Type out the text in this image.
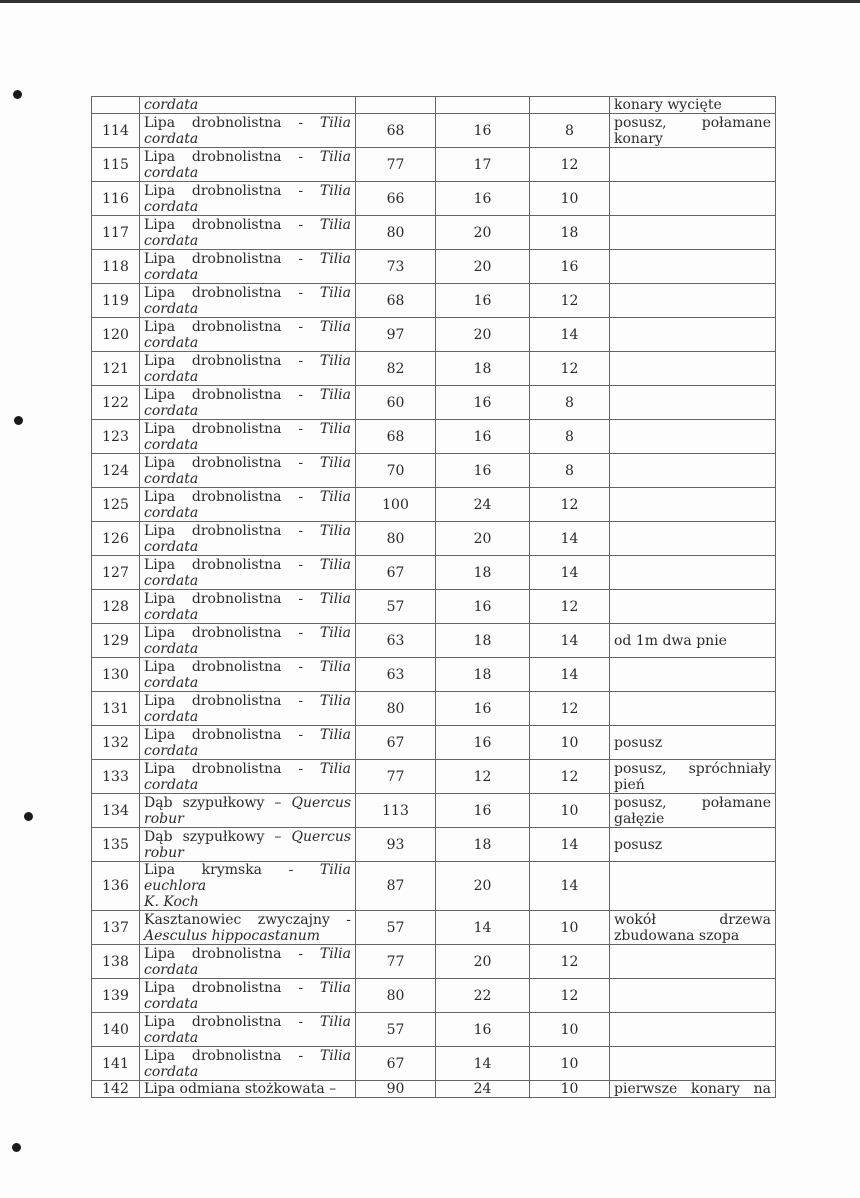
	cordata				konary wycięte
114	Lipa drobnolistna - Tilia
cordata	68	16	8	posusz, połamane
konary

115	Lipa drobnolistna - Tilia
cordata	77	17	12	
116	Lipa drobnolistna - Tilia
cordata	66	16	10	
117	Lipa drobnolistna - Tilia
cordata	80	20	18	
118	Lipa drobnolistna - Tilia
cordata	73	20	16	
119	Lipa drobnolistna - Tilia
cordata	68	16	12	
120	Lipa drobnolistna - Tilia
cordata	97	20	14	
121	Lipa drobnolistna - Tilia
cordata	82	18	12	
122	Lipa drobnolistna - Tilia
cordata	60	16	8	
123	Lipa drobnolistna - Tilia
cordata	68	16	8	
124	Lipa drobnolistna - Tilia
cordata	70	16	8	
125	Lipa drobnolistna - Tilia
cordata	100	24	12	
126	Lipa drobnolistna - Tilia
cordata	80	20	14	
127	Lipa drobnolistna - Tilia
cordata	67	18	14	
128	Lipa drobnolistna - Tilia
cordata	57	16	12	
129	Lipa drobnolistna - Tilia
cordata	63	18	14	od 1m dwa pnie

130	Lipa drobnolistna - Tilia
cordata	63	18	14	
131	Lipa drobnolistna - Tilia
cordata	80	16	12	
132	Lipa drobnolistna - Tilia
cordata	67	16	10	posusz

133	Lipa drobnolistna - Tilia
cordata	77	12	12	posusz, spróchniały
pień

134	Dąb szypułkowy – Quercus
robur	113	16	10	posusz, połamane
gałęzie

135	Dąb szypułkowy – Quercus
robur	93	18	14	posusz

136	Lipa krymska - Tilia euchlora
K. Koch	87	20	14	
137	Kasztanowiec zwyczajny -
Aesculus hippocastanum	57	14	10	wokół drzewa
zbudowana szopa

138	Lipa drobnolistna - Tilia
cordata	77	20	12	
139	Lipa drobnolistna - Tilia
cordata	80	22	12	
140	Lipa drobnolistna - Tilia
cordata	57	16	10	
141	Lipa drobnolistna - Tilia
cordata	67	14	10	
142	Lipa odmiana stożkowata –	90	24	10	pierwsze konary na
